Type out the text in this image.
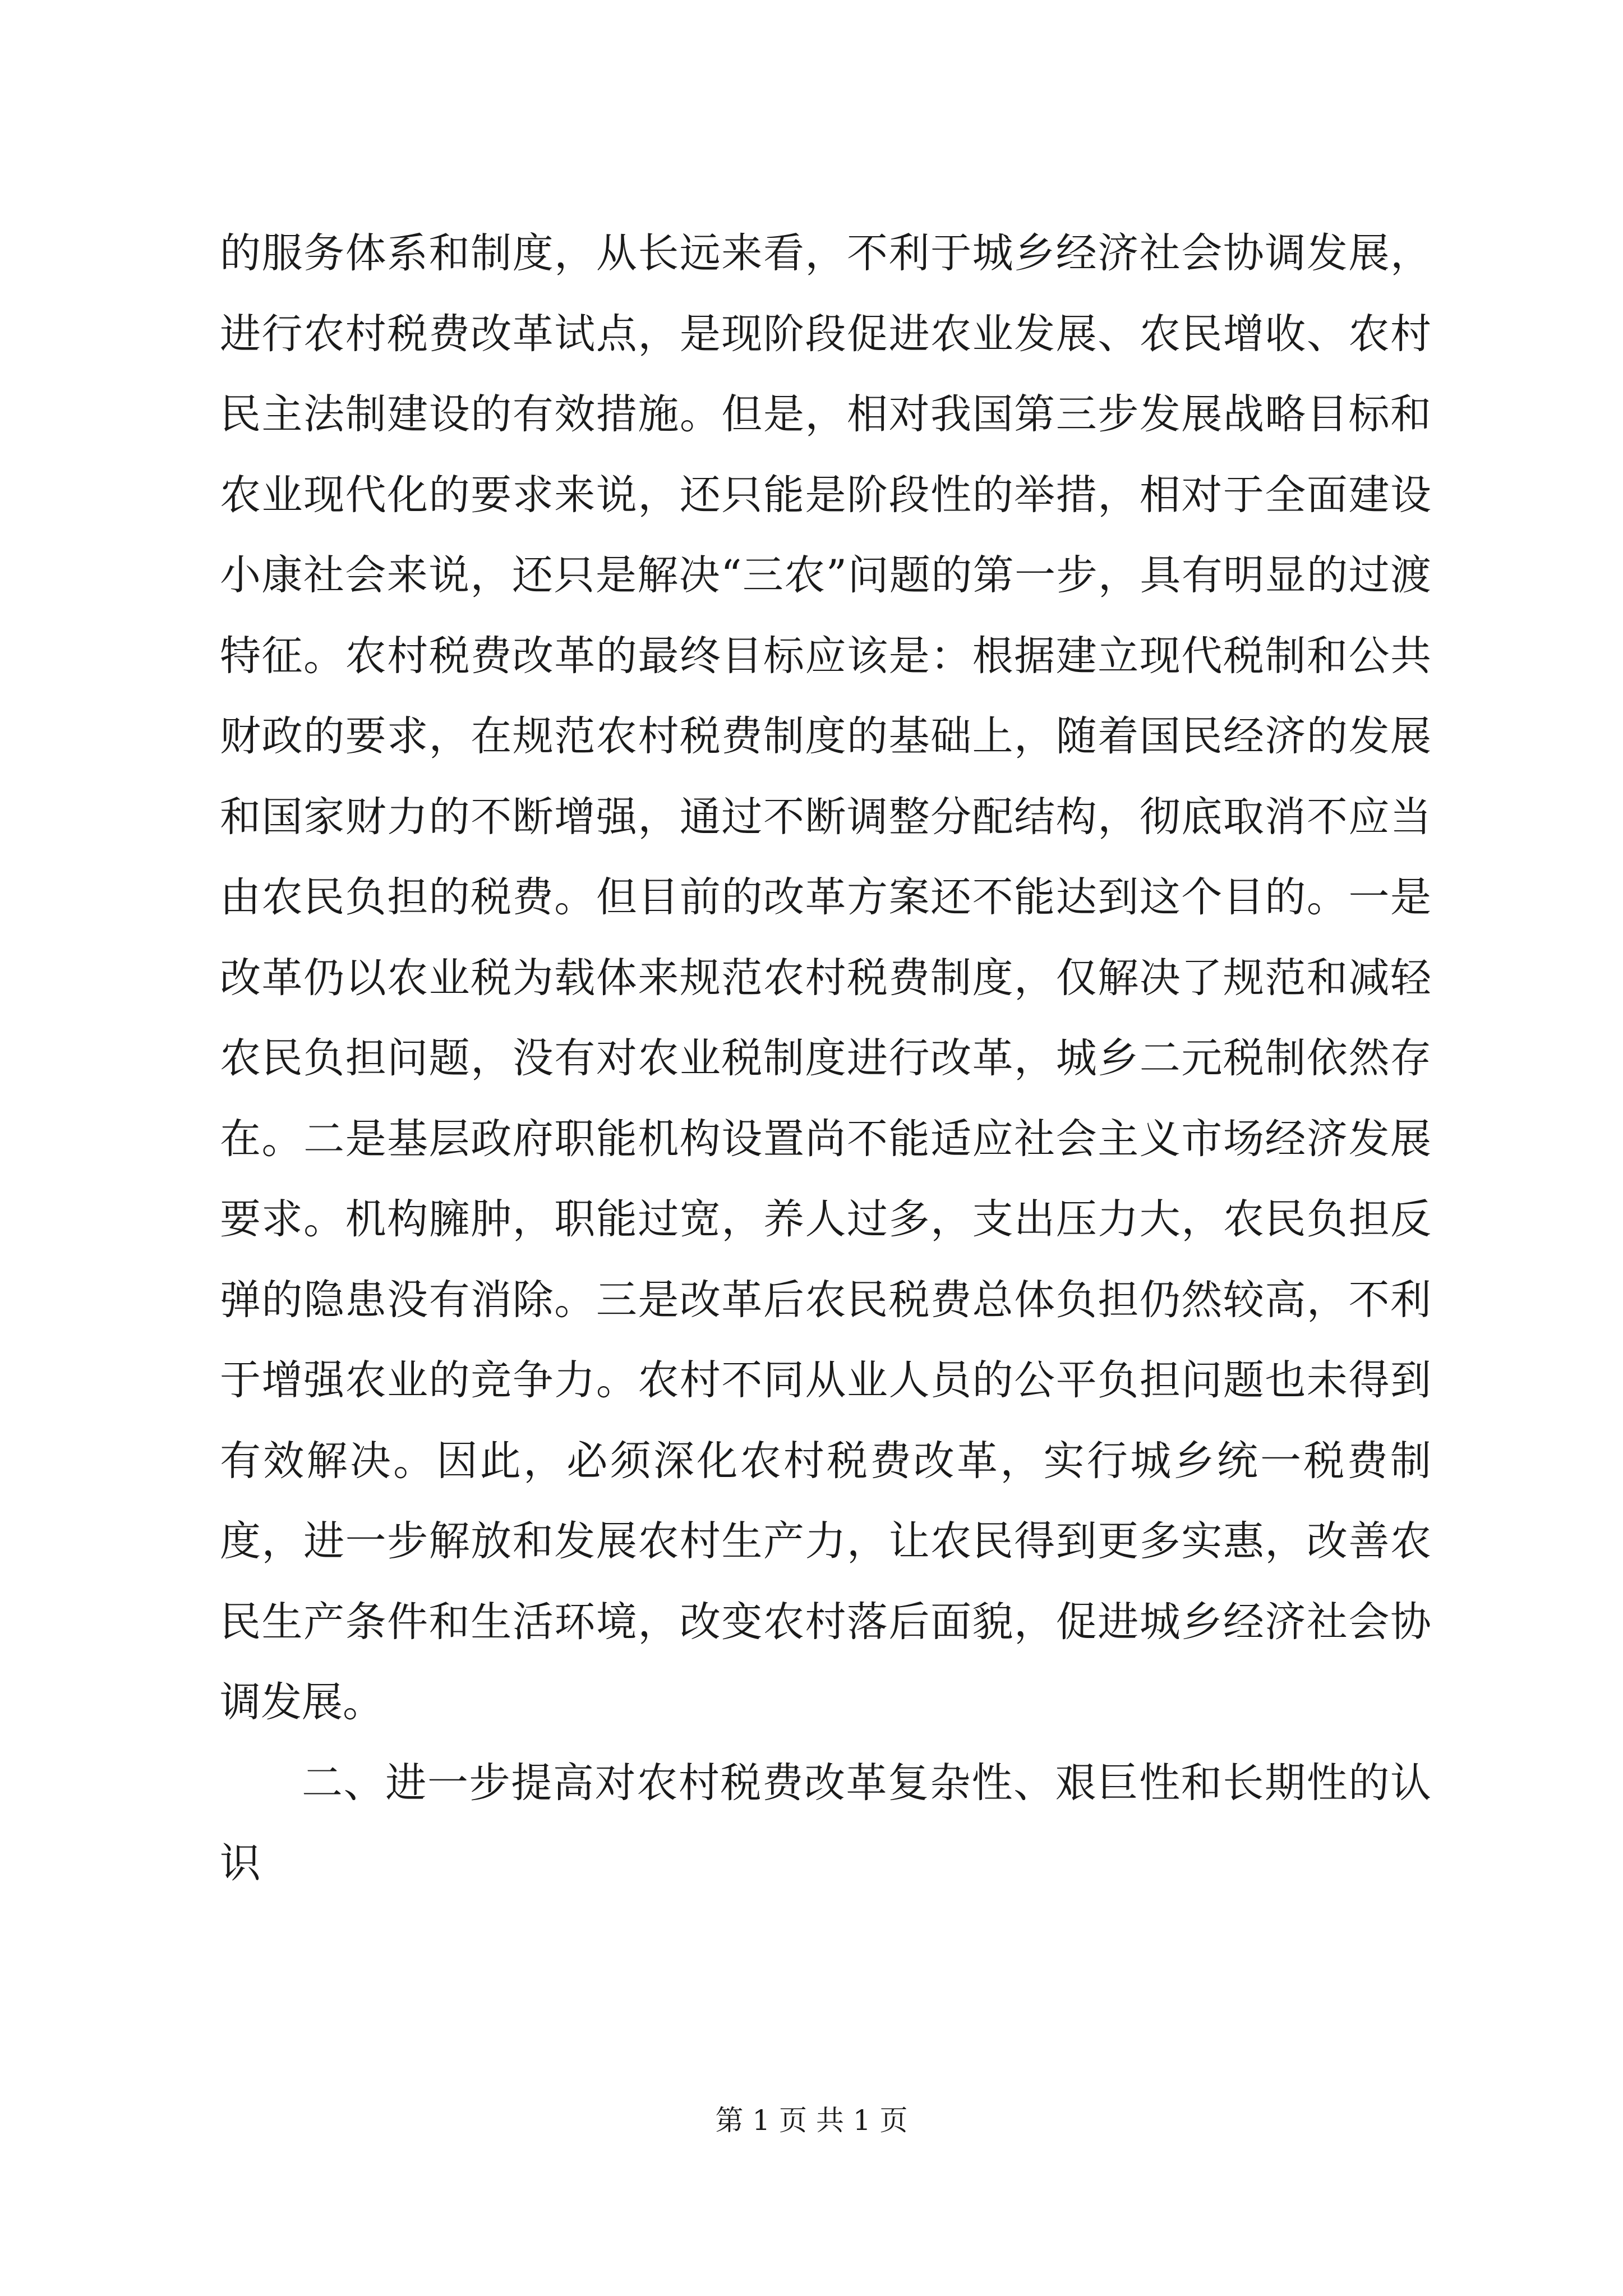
的服务体系和制度，从长远来看，不利于城乡经济社会协调发展，进行农村税费改革试点，是现阶段促进农业发展、农民增收、农村民主法制建设的有效措施。但是，相对我国第三步发展战略目标和农业现代化的要求来说，还只能是阶段性的举措，相对于全面建设小康社会来说，还只是解决“三农”问题的第一步，具有明显的过渡特征。农村税费改革的最终目标应该是：根据建立现代税制和公共财政的要求，在规范农村税费制度的基础上，随着国民经济的发展和国家财力的不断增强，通过不断调整分配结构，彻底取消不应当由农民负担的税费。但目前的改革方案还不能达到这个目的。一是改革仍以农业税为载体来规范农村税费制度，仅解决了规范和减轻农民负担问题，没有对农业税制度进行改革，城乡二元税制依然存在。二是基层政府职能机构设置尚不能适应社会主义市场经济发展要求。机构臃肿，职能过宽，养人过多，支出压力大，农民负担反弹的隐患没有消除。三是改革后农民税费总体负担仍然较高，不利于增强农业的竞争力。农村不同从业人员的公平负担问题也未得到有效解决。因此，必须深化农村税费改革，实行城乡统一税费制度，进一步解放和发展农村生产力，让农民得到更多实惠，改善农民生产条件和生活环境，改变农村落后面貌，促进城乡经济社会协调发展。

二、进一步提高对农村税费改革复杂性、艰巨性和长期性的认识

第 1 页 共 1 页
